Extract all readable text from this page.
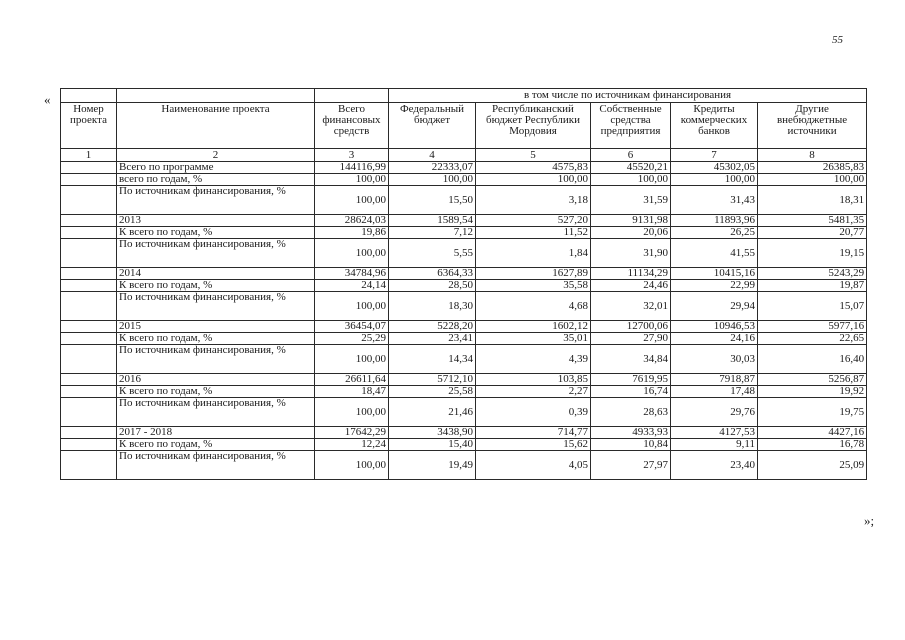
55
«
»;
			в том числе по источникам финансирования				
Номер проекта	Наименование проекта	Всего финансовых средств	Федеральный бюджет	Республиканский бюджет Республики Мордовия	Собственные средства предприятия	Кредиты коммерческих банков	Другие внебюджетные источники
1	2	3	4	5	6	7	8
	Всего по программе	144116,99	22333,07	4575,83	45520,21	45302,05	26385,83
	всего по годам, %	100,00	100,00	100,00	100,00	100,00	100,00
	По источникам финансирования, %	100,00	15,50	3,18	31,59	31,43	18,31
	2013	28624,03	1589,54	527,20	9131,98	11893,96	5481,35
	К всего по годам, %	19,86	7,12	11,52	20,06	26,25	20,77
	По источникам финансирования, %	100,00	5,55	1,84	31,90	41,55	19,15
	2014	34784,96	6364,33	1627,89	11134,29	10415,16	5243,29
	К всего по годам, %	24,14	28,50	35,58	24,46	22,99	19,87
	По источникам финансирования, %	100,00	18,30	4,68	32,01	29,94	15,07
	2015	36454,07	5228,20	1602,12	12700,06	10946,53	5977,16
	К всего по годам, %	25,29	23,41	35,01	27,90	24,16	22,65
	По источникам финансирования, %	100,00	14,34	4,39	34,84	30,03	16,40
	2016	26611,64	5712,10	103,85	7619,95	7918,87	5256,87
	К всего по годам, %	18,47	25,58	2,27	16,74	17,48	19,92
	По источникам финансирования, %	100,00	21,46	0,39	28,63	29,76	19,75
	2017 - 2018	17642,29	3438,90	714,77	4933,93	4127,53	4427,16
	К всего по годам, %	12,24	15,40	15,62	10,84	9,11	16,78
	По источникам финансирования, %	100,00	19,49	4,05	27,97	23,40	25,09
